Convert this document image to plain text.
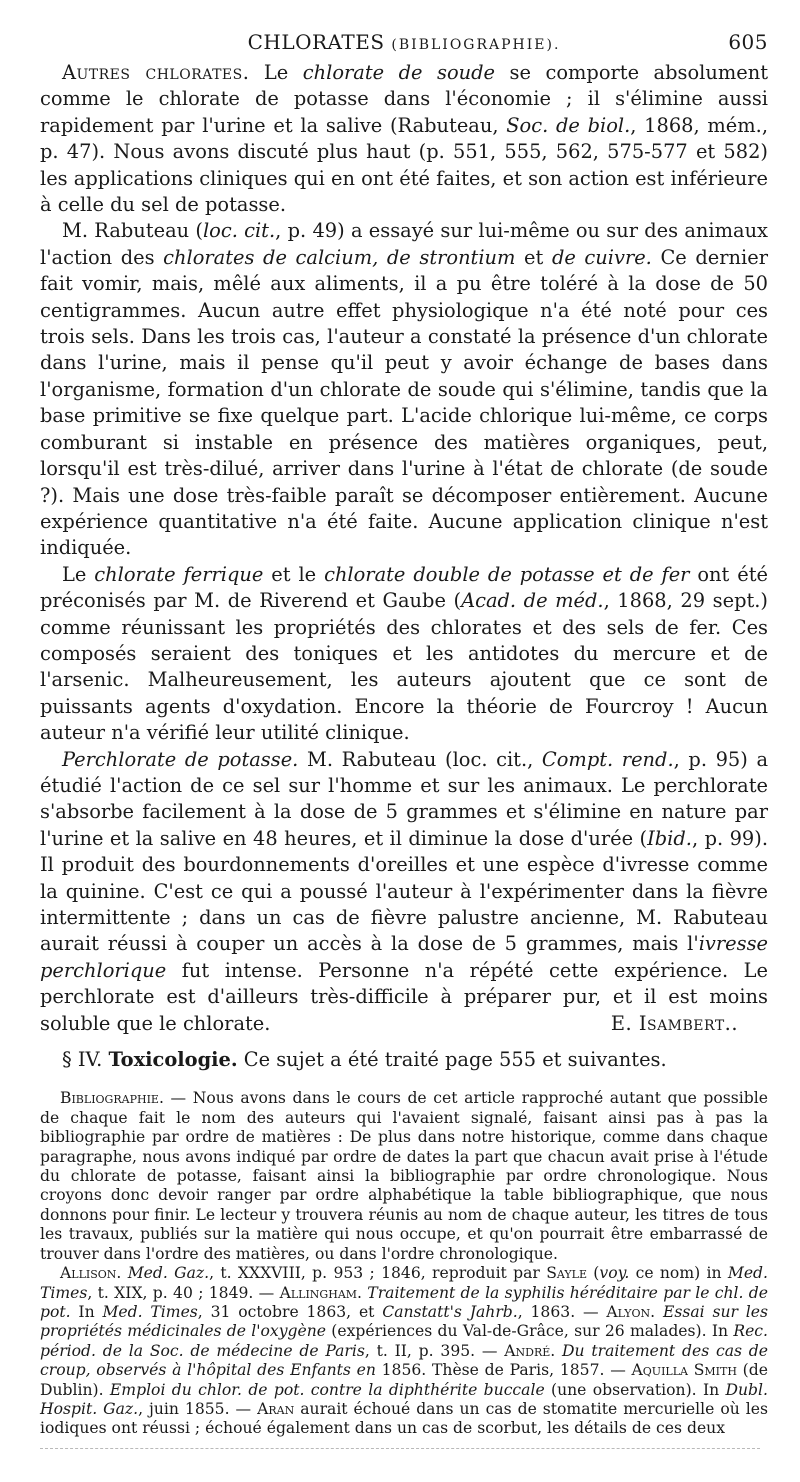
CHLORATES (BIBLIOGRAPHIE).	605

Autres chlorates. Le chlorate de soude se comporte absolument comme le chlorate de potasse dans l'économie ; il s'élimine aussi rapidement par l'urine et la salive (Rabuteau, Soc. de biol., 1868, mém., p. 47). Nous avons discuté plus haut (p. 551, 555, 562, 575-577 et 582) les applications cliniques qui en ont été faites, et son action est inférieure à celle du sel de potasse.

M. Rabuteau (loc. cit., p. 49) a essayé sur lui-même ou sur des animaux l'action des chlorates de calcium, de strontium et de cuivre. Ce dernier fait vomir, mais, mêlé aux aliments, il a pu être toléré à la dose de 50 centigrammes. Aucun autre effet physiologique n'a été noté pour ces trois sels. Dans les trois cas, l'auteur a constaté la présence d'un chlorate dans l'urine, mais il pense qu'il peut y avoir échange de bases dans l'organisme, formation d'un chlorate de soude qui s'élimine, tandis que la base primitive se fixe quelque part. L'acide chlorique lui-même, ce corps comburant si instable en présence des matières organiques, peut, lorsqu'il est très-dilué, arriver dans l'urine à l'état de chlorate (de soude ?). Mais une dose très-faible paraît se décomposer entièrement. Aucune expérience quantitative n'a été faite. Aucune application clinique n'est indiquée.

Le chlorate ferrique et le chlorate double de potasse et de fer ont été préconisés par M. de Riverend et Gaube (Acad. de méd., 1868, 29 sept.) comme réunissant les propriétés des chlorates et des sels de fer. Ces composés seraient des toniques et les antidotes du mercure et de l'arsenic. Malheureusement, les auteurs ajoutent que ce sont de puissants agents d'oxydation. Encore la théorie de Fourcroy ! Aucun auteur n'a vérifié leur utilité clinique.

Perchlorate de potasse. M. Rabuteau (loc. cit., Compt. rend., p. 95) a étudié l'action de ce sel sur l'homme et sur les animaux. Le perchlorate s'absorbe facilement à la dose de 5 grammes et s'élimine en nature par l'urine et la salive en 48 heures, et il diminue la dose d'urée (Ibid., p. 99). Il produit des bourdonnements d'oreilles et une espèce d'ivresse comme la quinine. C'est ce qui a poussé l'auteur à l'expérimenter dans la fièvre intermittente ; dans un cas de fièvre palustre ancienne, M. Rabuteau aurait réussi à couper un accès à la dose de 5 grammes, mais l'ivresse perchlorique fut intense. Personne n'a répété cette expérience. Le perchlorate est d'ailleurs très-difficile à préparer pur, et il est moins soluble que le chlorate.	E. Isambert..
§ IV. Toxicologie. Ce sujet a été traité page 555 et suivantes.

Bibliographie. — Nous avons dans le cours de cet article rapproché autant que possible de chaque fait le nom des auteurs qui l'avaient signalé, faisant ainsi pas à pas la bibliographie par ordre de matières : De plus dans notre historique, comme dans chaque paragraphe, nous avons indiqué par ordre de dates la part que chacun avait prise à l'étude du chlorate de potasse, faisant ainsi la bibliographie par ordre chronologique. Nous croyons donc devoir ranger par ordre alphabétique la table bibliographique, que nous donnons pour finir. Le lecteur y trouvera réunis au nom de chaque auteur, les titres de tous les travaux, publiés sur la matière qui nous occupe, et qu'on pourrait être embarrassé de trouver dans l'ordre des matières, ou dans l'ordre chronologique.

Allison. Med. Gaz., t. XXXVIII, p. 953 ; 1846, reproduit par Sayle (voy. ce nom) in Med. Times, t. XIX, p. 40 ; 1849. — Allingham. Traitement de la syphilis héréditaire par le chl. de pot. In Med. Times, 31 octobre 1863, et Canstatt's Jahrb., 1863. — Alyon. Essai sur les propriétés médicinales de l'oxygène (expériences du Val-de-Grâce, sur 26 malades). In Rec. périod. de la Soc. de médecine de Paris, t. II, p. 395. — André. Du traitement des cas de croup, observés à l'hôpital des Enfants en 1856. Thèse de Paris, 1857. — Aquilla Smith (de Dublin). Emploi du chlor. de pot. contre la diphthérite buccale (une observation). In Dubl. Hospit. Gaz., juin 1855. — Aran aurait échoué dans un cas de stomatite mercurielle où les iodiques ont réussi ; échoué également dans un cas de scorbut, les détails de ces deux
